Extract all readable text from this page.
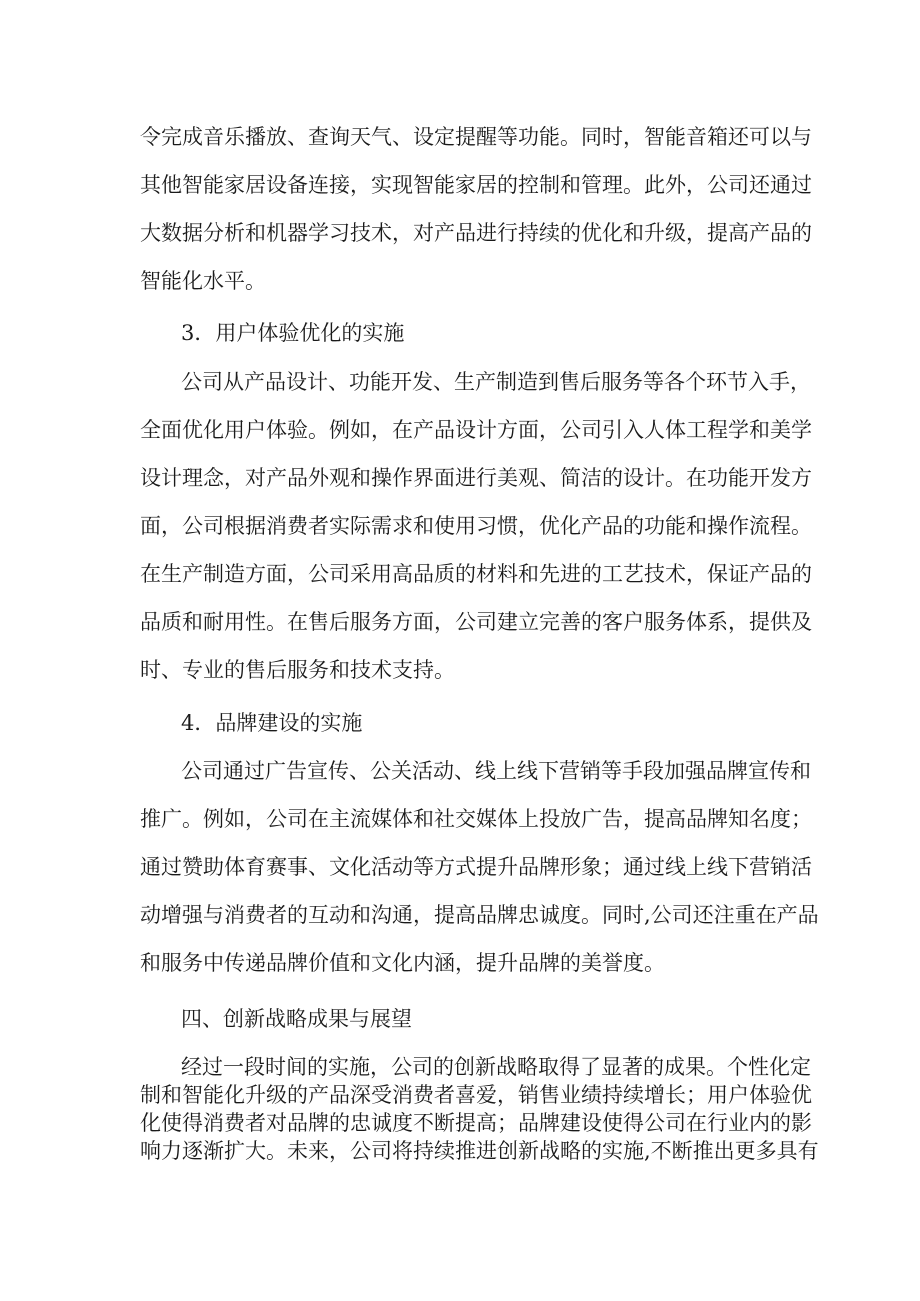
令完成音乐播放、查询天气、设定提醒等功能。同时，智能音箱还可以与
其他智能家居设备连接，实现智能家居的控制和管理。此外，公司还通过
大数据分析和机器学习技术，对产品进行持续的优化和升级，提高产品的
智能化水平。
3．用户体验优化的实施
公司从产品设计、功能开发、生产制造到售后服务等各个环节入手，
全面优化用户体验。例如，在产品设计方面，公司引入人体工程学和美学
设计理念，对产品外观和操作界面进行美观、简洁的设计。在功能开发方
面，公司根据消费者实际需求和使用习惯，优化产品的功能和操作流程。
在生产制造方面，公司采用高品质的材料和先进的工艺技术，保证产品的
品质和耐用性。在售后服务方面，公司建立完善的客户服务体系，提供及
时、专业的售后服务和技术支持。
4．品牌建设的实施
公司通过广告宣传、公关活动、线上线下营销等手段加强品牌宣传和
推广。例如，公司在主流媒体和社交媒体上投放广告，提高品牌知名度；
通过赞助体育赛事、文化活动等方式提升品牌形象；通过线上线下营销活
动增强与消费者的互动和沟通，提高品牌忠诚度。同时,公司还注重在产品
和服务中传递品牌价值和文化内涵，提升品牌的美誉度。
四、创新战略成果与展望
经过一段时间的实施，公司的创新战略取得了显著的成果。个性化定
制和智能化升级的产品深受消费者喜爱，销售业绩持续增长；用户体验优
化使得消费者对品牌的忠诚度不断提高；品牌建设使得公司在行业内的影
响力逐渐扩大。未来，公司将持续推进创新战略的实施,不断推出更多具有
